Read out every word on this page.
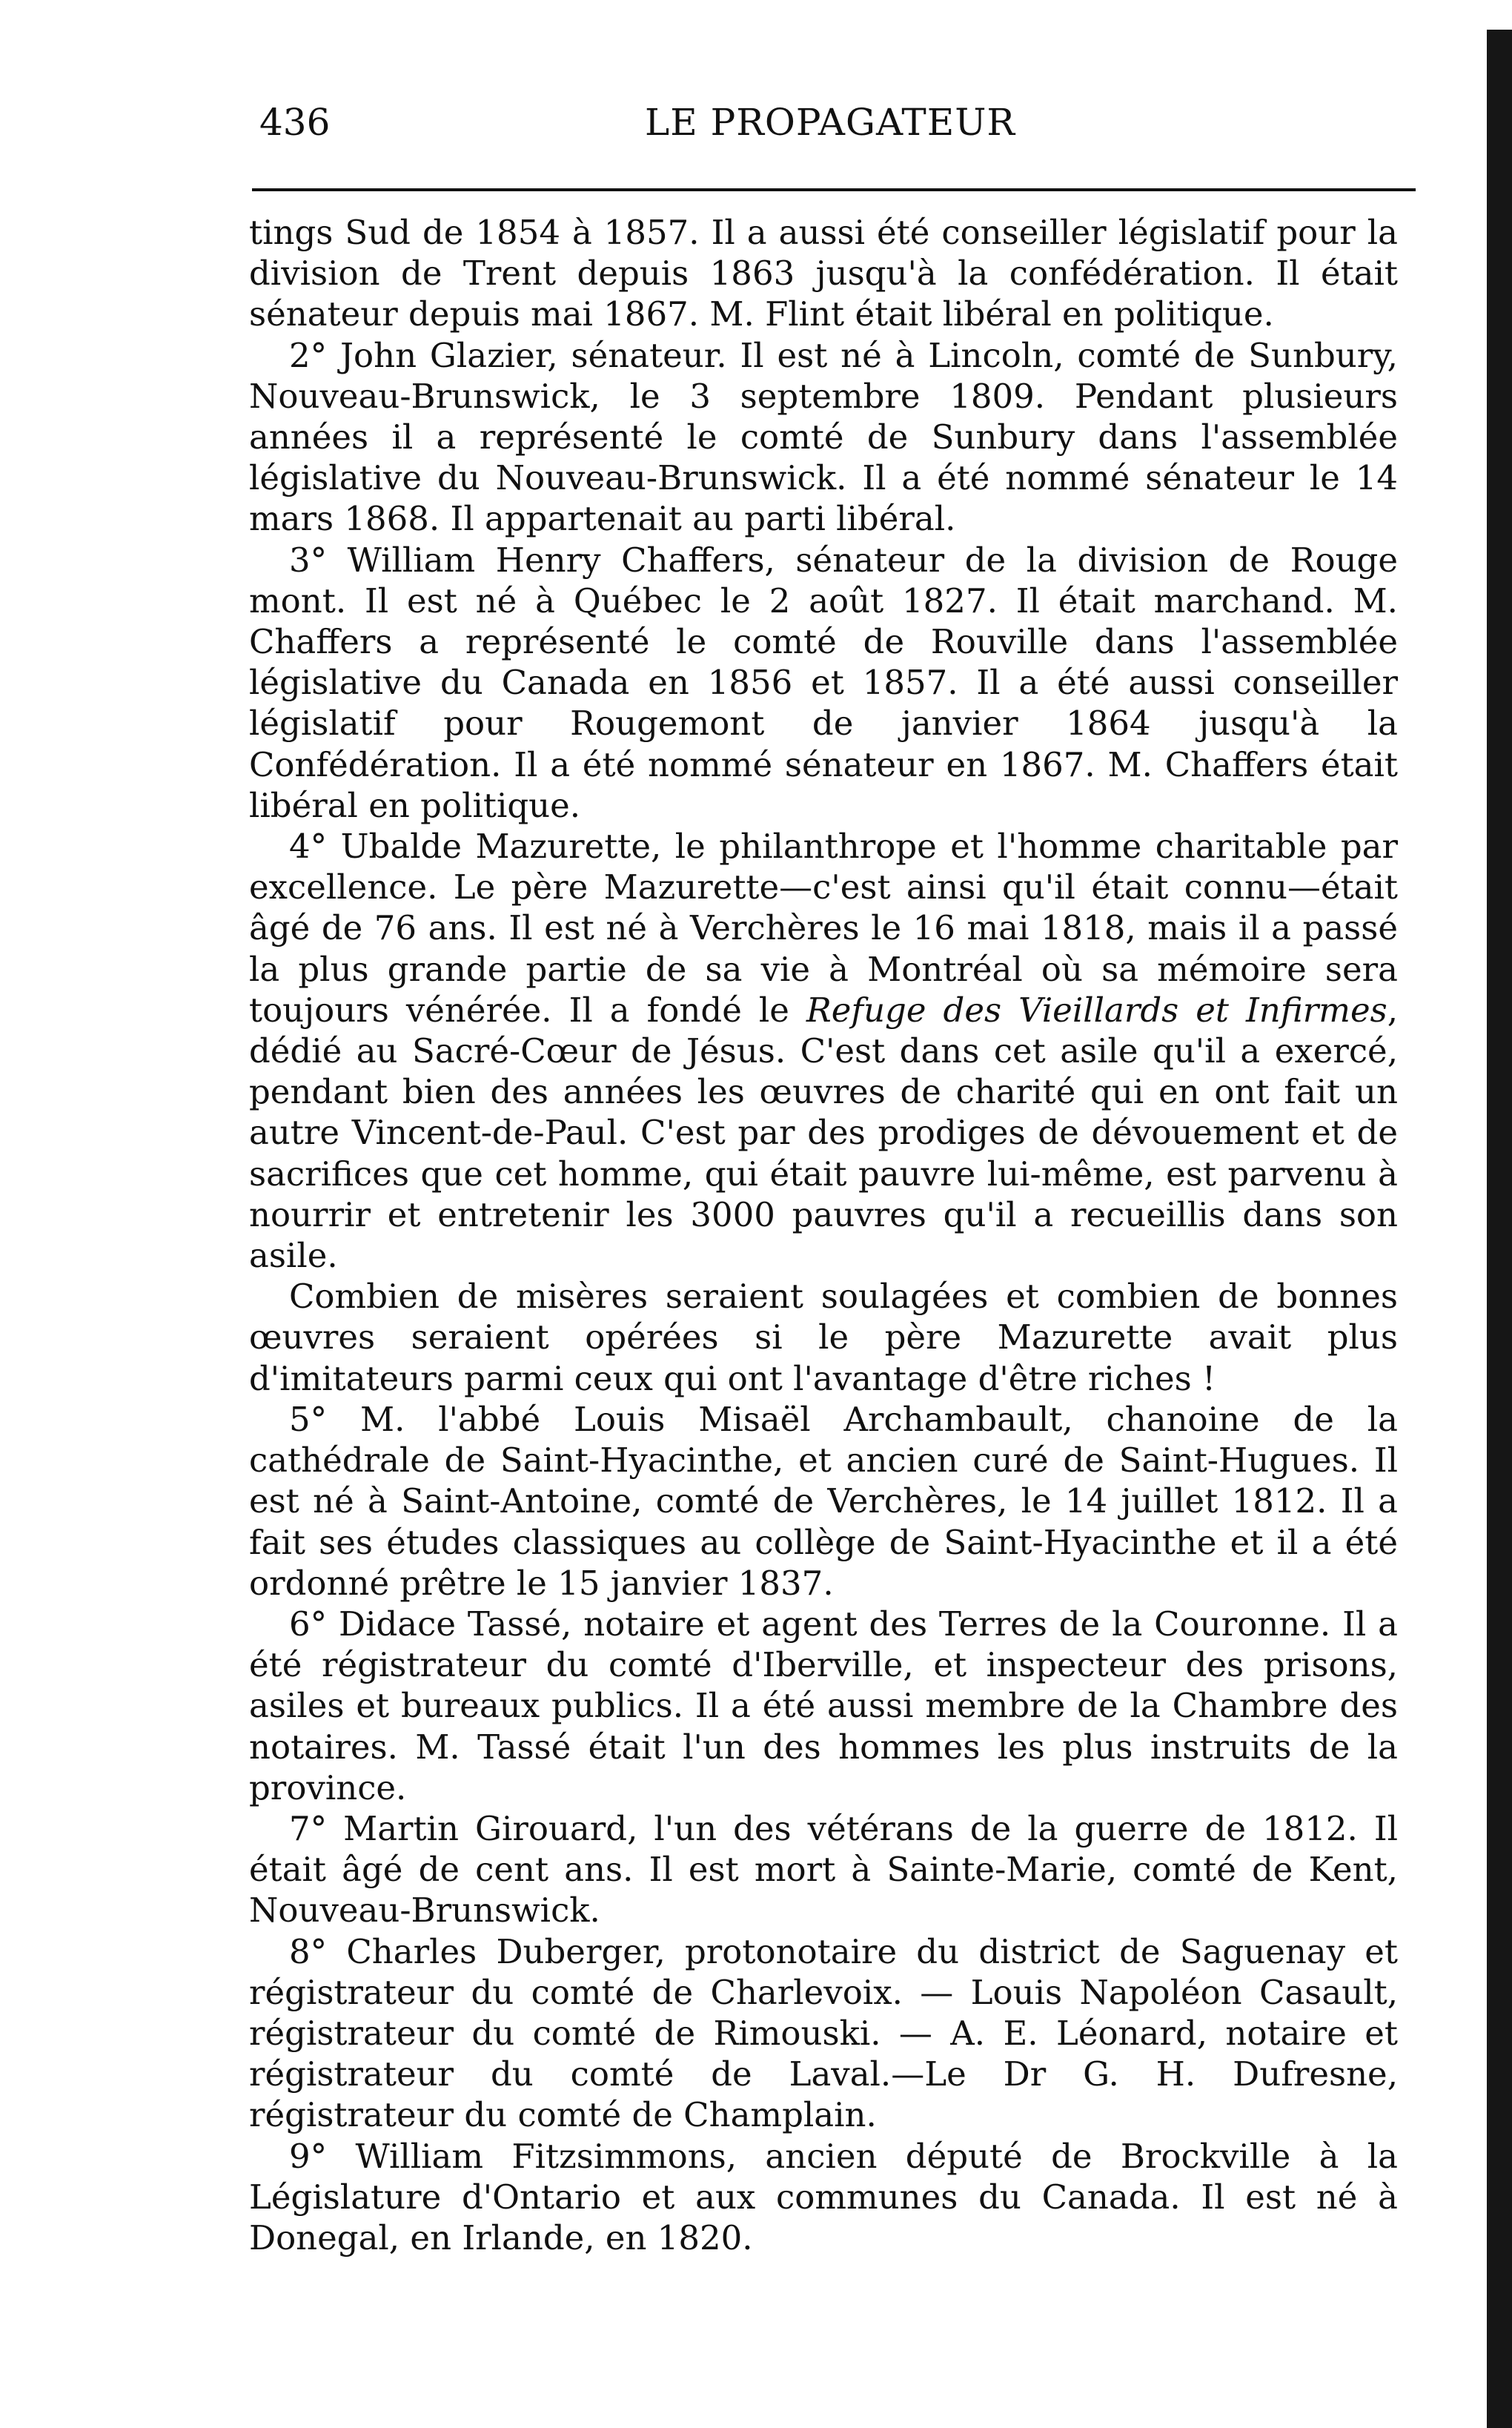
436	LE PROPAGATEUR

tings Sud de 1854 à 1857. Il a aussi été conseiller législatif pour la division de Trent depuis 1863 jusqu'à la confédération. Il était sénateur depuis mai 1867. M. Flint était libéral en politique.

2° John Glazier, sénateur. Il est né à Lincoln, comté de Sunbury, Nouveau-Brunswick, le 3 septembre 1809. Pendant plusieurs années il a représenté le comté de Sunbury dans l'assemblée législative du Nouveau-Brunswick. Il a été nommé sénateur le 14 mars 1868. Il appartenait au parti libéral.

3° William Henry Chaffers, sénateur de la division de Rouge mont. Il est né à Québec le 2 août 1827. Il était marchand. M. Chaffers a représenté le comté de Rouville dans l'assemblée législative du Canada en 1856 et 1857. Il a été aussi conseiller législatif pour Rougemont de janvier 1864 jusqu'à la Confédération. Il a été nommé sénateur en 1867. M. Chaffers était libéral en politique.

4° Ubalde Mazurette, le philanthrope et l'homme charitable par excellence. Le père Mazurette—c'est ainsi qu'il était connu—était âgé de 76 ans. Il est né à Verchères le 16 mai 1818, mais il a passé la plus grande partie de sa vie à Montréal où sa mémoire sera toujours vénérée. Il a fondé le Refuge des Vieillards et Infirmes, dédié au Sacré-Cœur de Jésus. C'est dans cet asile qu'il a exercé, pendant bien des années les œuvres de charité qui en ont fait un autre Vincent-de-Paul. C'est par des prodiges de dévouement et de sacrifices que cet homme, qui était pauvre lui-même, est parvenu à nourrir et entretenir les 3000 pauvres qu'il a recueillis dans son asile.

Combien de misères seraient soulagées et combien de bonnes œuvres seraient opérées si le père Mazurette avait plus d'imitateurs parmi ceux qui ont l'avantage d'être riches !

5° M. l'abbé Louis Misaël Archambault, chanoine de la cathédrale de Saint-Hyacinthe, et ancien curé de Saint-Hugues. Il est né à Saint-Antoine, comté de Verchères, le 14 juillet 1812. Il a fait ses études classiques au collège de Saint-Hyacinthe et il a été ordonné prêtre le 15 janvier 1837.

6° Didace Tassé, notaire et agent des Terres de la Couronne. Il a été régistrateur du comté d'Iberville, et inspecteur des prisons, asiles et bureaux publics. Il a été aussi membre de la Chambre des notaires. M. Tassé était l'un des hommes les plus instruits de la province.

7° Martin Girouard, l'un des vétérans de la guerre de 1812. Il était âgé de cent ans. Il est mort à Sainte-Marie, comté de Kent, Nouveau-Brunswick.

8° Charles Duberger, protonotaire du district de Saguenay et régistrateur du comté de Charlevoix. — Louis Napoléon Casault, régistrateur du comté de Rimouski. — A. E. Léonard, notaire et régistrateur du comté de Laval.—Le Dr G. H. Dufresne, régistrateur du comté de Champlain.

9° William Fitzsimmons, ancien député de Brockville à la Législature d'Ontario et aux communes du Canada. Il est né à Donegal, en Irlande, en 1820.
